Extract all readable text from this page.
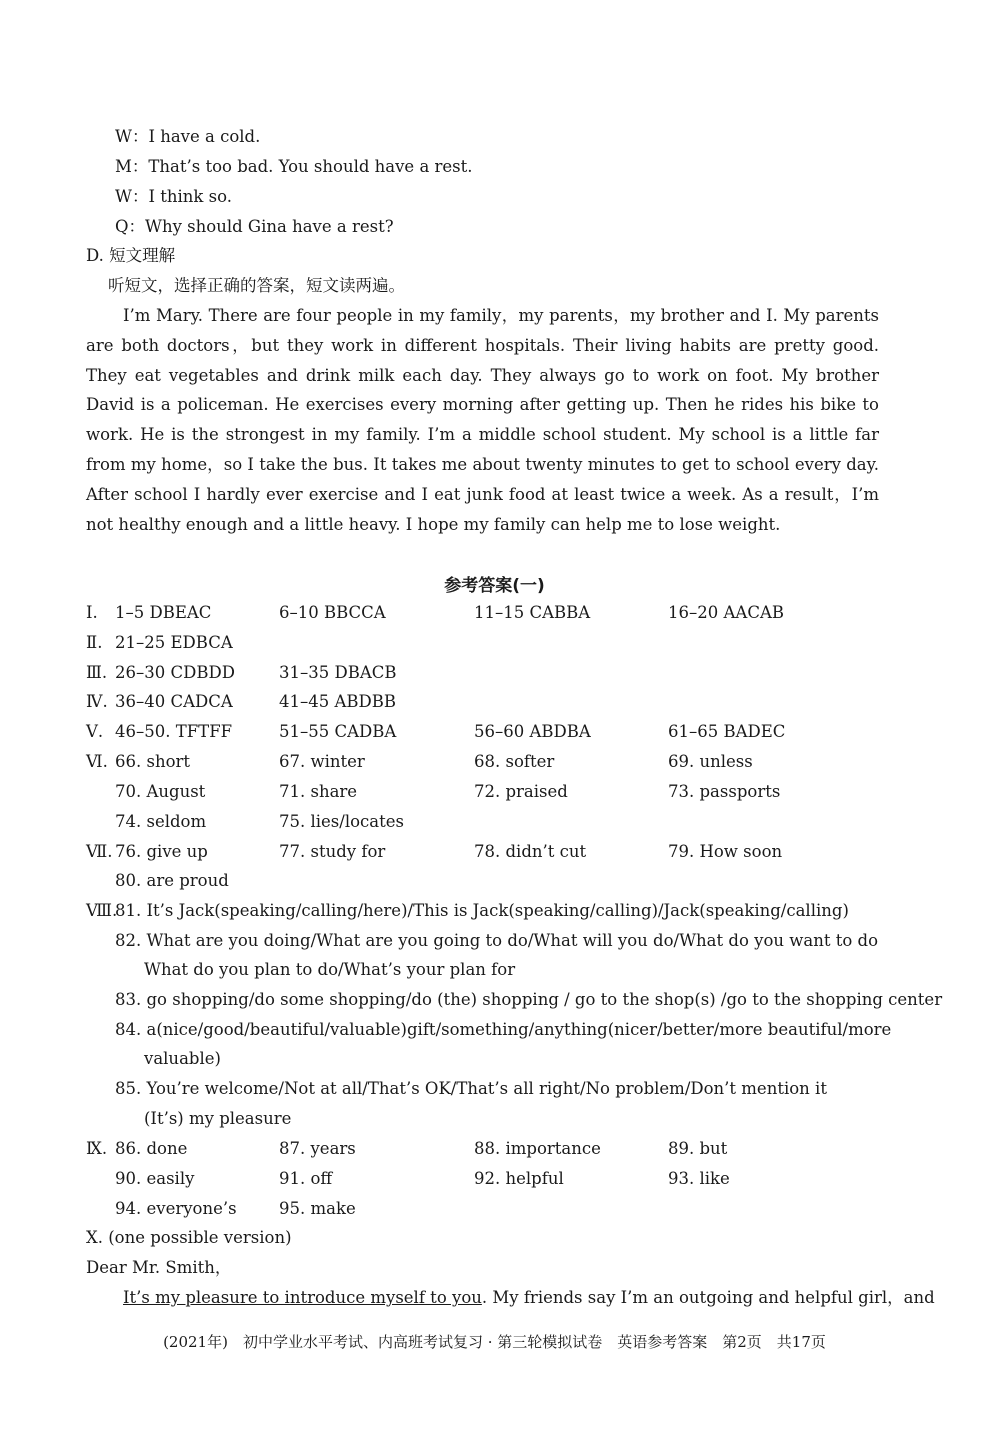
W：I have a cold.
M：That’s too bad. You should have a rest.
W：I think so.
Q：Why should Gina have a rest?
D. 短文理解
听短文，选择正确的答案，短文读两遍。
I’m Mary. There are four people in my family，my parents，my brother and I. My parents are both doctors，but they work in different hospitals. Their living habits are pretty good. They eat vegetables and drink milk each day. They always go to work on foot. My brother David is a policeman. He exercises every morning after getting up. Then he rides his bike to work. He is the strongest in my family. I’m a middle school student. My school is a little far from my home，so I take the bus. It takes me about twenty minutes to get to school every day. After school I hardly ever exercise and I eat junk food at least twice a week. As a result，I’m not healthy enough and a little heavy. I hope my family can help me to lose weight.
参考答案(一)
Ⅰ. 1–5 DBEAC	6–10 BBCCA	11–15 CABBA	16–20 AACAB
Ⅱ. 21–25 EDBCA
Ⅲ. 26–30 CDBDD	31–35 DBACB
Ⅳ. 36–40 CADCA	41–45 ABDBB
Ⅴ. 46–50. TFTFF	51–55 CADBA	56–60 ABDBA	61–65 BADEC
Ⅵ. 66. short	67. winter	68. softer	69. unless
70. August	71. share	72. praised	73. passports
74. seldom	75. lies/locates
Ⅶ. 76. give up	77. study for	78. didn’t cut	79. How soon
80. are proud
Ⅷ.
81. It’s Jack(speaking/calling/here)/This is Jack(speaking/calling)/Jack(speaking/calling)
82. What are you doing/What are you going to do/What will you do/What do you want to do
What do you plan to do/What’s your plan for
83. go shopping/do some shopping/do (the) shopping / go to the shop(s) /go to the shopping center
84. a(nice/good/beautiful/valuable)gift/something/anything(nicer/better/more beautiful/more
valuable)
85. You’re welcome/Not at all/That’s OK/That’s all right/No problem/Don’t mention it
(It’s) my pleasure
Ⅸ. 86. done	87. years	88. importance	89. but
90. easily	91. off	92. helpful	93. like
94. everyone’s	95. make
Ⅹ. (one possible version)
Dear Mr. Smith，
It’s my pleasure to introduce myself to you. My friends say I’m an outgoing and helpful girl，and
(2021年)　初中学业水平考试、内高班考试复习 · 第三轮模拟试卷　英语参考答案　第2页　共17页
